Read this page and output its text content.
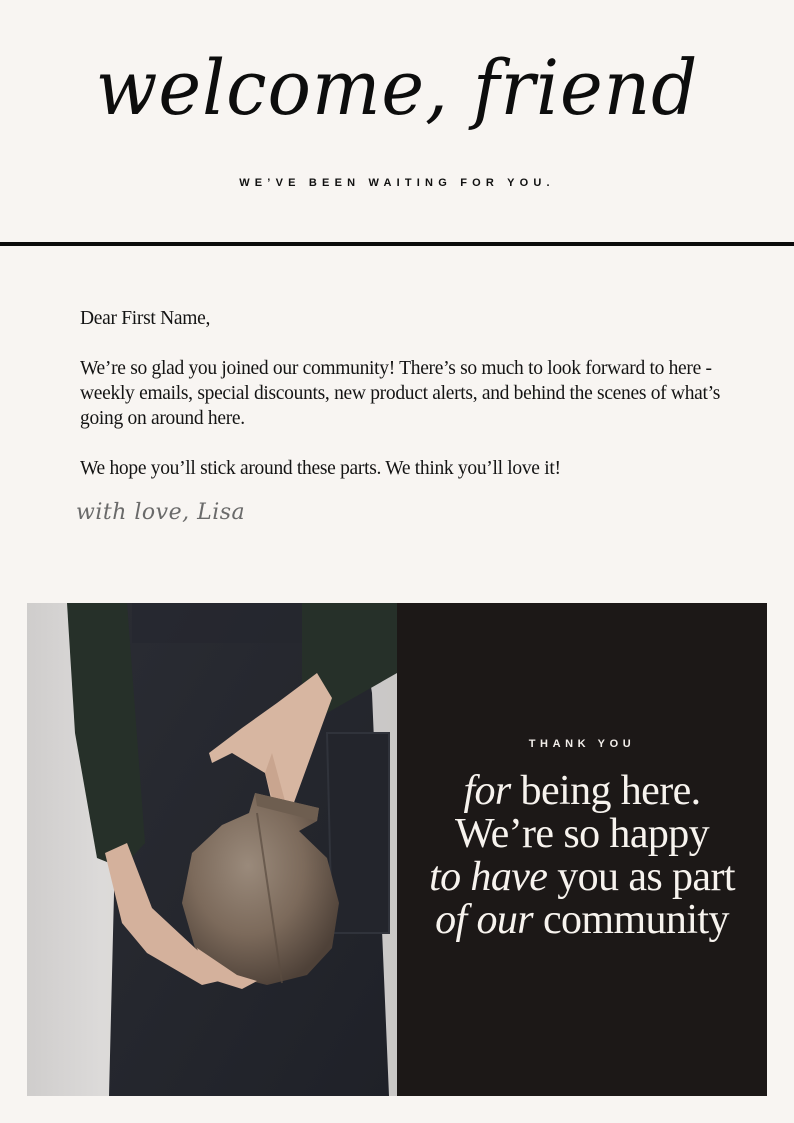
welcome, friend
WE’VE BEEN WAITING FOR YOU.

Dear First Name,

We’re so glad you joined our community! There’s so much to look forward to here - weekly emails, special discounts, new product alerts, and behind the scenes of what’s going on around here.

We hope you’ll stick around these parts. We think you’ll love it!

with love, Lisa
THANK YOU
for being here.
We’re so happy
to have you as part
of our community
